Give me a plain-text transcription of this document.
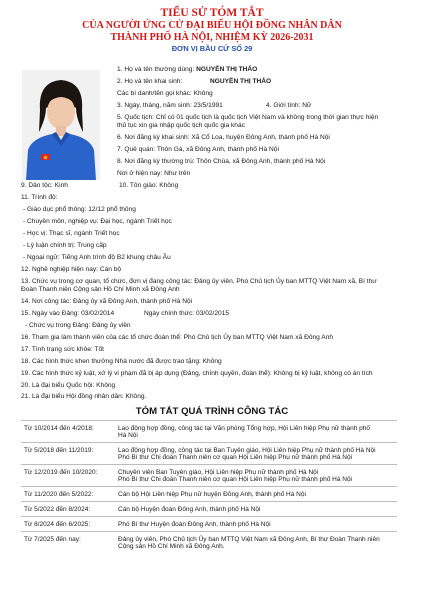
TIỂU SỬ TÓM TẮT
CỦA NGƯỜI ỨNG CỬ ĐẠI BIỂU HỘI ĐỒNG NHÂN DÂN
THÀNH PHỐ HÀ NỘI, NHIỆM KỲ 2026-2031
ĐƠN VỊ BẦU CỬ SỐ 29
1. Họ và tên thường dùng: NGUYỄN THỊ THẢO
2. Họ và tên khai sinh:	NGUYỄN THỊ THẢO
Các bí danh/tên gọi khác: Không
3. Ngày, tháng, năm sinh: 23/5/1991	4. Giới tính: Nữ
5. Quốc tịch: Chỉ có 01 quốc tịch là quốc tịch Việt Nam và không trong thời gian thực hiện
thủ tục xin gia nhập quốc tịch quốc gia khác
6. Nơi đăng ký khai sinh: Xã Cổ Loa, huyện Đông Anh, thành phố Hà Nội
7. Quê quán: Thôn Gà, xã Đông Anh, thành phố Hà Nội
8. Nơi đăng ký thường trú: Thôn Chùa, xã Đông Anh, thành phố Hà Nội
Nơi ở hiện nay: Như trên
9. Dân tộc: Kinh	10. Tôn giáo: Không
11. Trình độ:
- Giáo dục phổ thông: 12/12 phổ thông
- Chuyên môn, nghiệp vụ: Đại học, ngành Triết học
- Học vị: Thạc sĩ, ngành Triết học
- Lý luận chính trị: Trung cấp
- Ngoại ngữ: Tiếng Anh trình độ B2 khung châu Âu
12. Nghề nghiệp hiện nay: Cán bộ
13. Chức vụ trong cơ quan, tổ chức, đơn vị đang công tác: Đảng ủy viên, Phó Chủ tịch Ủy ban MTTQ Việt Nam xã, Bí thư
Đoàn Thanh niên Cộng sản Hồ Chí Minh xã Đông Anh
14. Nơi công tác: Đảng ủy xã Đông Anh, thành phố Hà Nội
15. Ngày vào Đảng: 03/02/2014	Ngày chính thức: 03/02/2015
- Chức vụ trong Đảng: Đảng ủy viên
16. Tham gia làm thành viên của các tổ chức đoàn thể: Phó Chủ tịch Ủy ban MTTQ Việt Nam xã Đông Anh
17. Tình trạng sức khỏe: Tốt
18. Các hình thức khen thưởng Nhà nước đã được trao tặng: Không
19. Các hình thức kỷ luật, xử lý vi phạm đã bị áp dụng (Đảng, chính quyền, đoàn thể): Không bị kỷ luật, không có án tích
20. Là đại biểu Quốc hội: Không
21. Là đại biểu Hội đồng nhân dân: Không.
TÓM TẮT QUÁ TRÌNH CÔNG TÁC
Từ 10/2014 đến 4/2018:	Lao động hợp đồng, công tác tại Văn phòng Tổng hợp, Hội Liên hiệp Phụ nữ thành phố
Hà Nội
Từ 5/2018 đến 11/2019:	Lao động hợp đồng, công tác tại Ban Tuyên giáo, Hội Liên hiệp Phụ nữ thành phố Hà Nội
Phó Bí thư Chi đoàn Thanh niên cơ quan Hội Liên hiệp Phụ nữ thành phố Hà Nội
Từ 12/2019 đến 10/2020:	Chuyên viên Ban Tuyên giáo, Hội Liên hiệp Phụ nữ thành phố Hà Nội
Phó Bí thư Chi đoàn Thanh niên cơ quan Hội Liên hiệp Phụ nữ thành phố Hà Nội
Từ 11/2020 đến 5/2022:	Cán bộ Hội Liên hiệp Phụ nữ huyện Đông Anh, thành phố Hà Nội
Từ 5/2022 đến 8/2024:	Cán bộ Huyện đoàn Đông Anh, thành phố Hà Nội
Từ 8/2024 đến 6/2025:	Phó Bí thư Huyện đoàn Đông Anh, thành phố Hà Nội
Từ 7/2025 đến nay:	Đảng ủy viên, Phó Chủ tịch Ủy ban MTTQ Việt Nam xã Đông Anh, Bí thư Đoàn Thanh niên
Cộng sản Hồ Chí Minh xã Đông Anh.
